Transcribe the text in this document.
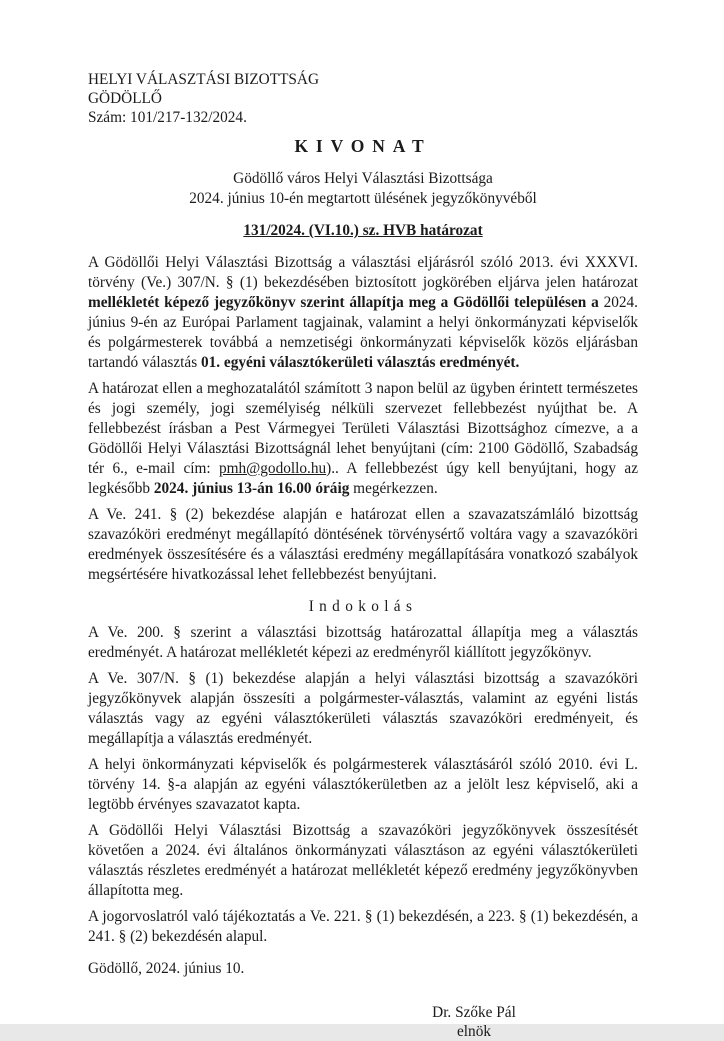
HELYI VÁLASZTÁSI BIZOTTSÁG
GÖDÖLLŐ
Szám: 101/217-132/2024.
KIVONAT
Gödöllő város Helyi Választási Bizottsága
2024. június 10-én megtartott ülésének jegyzőkönyvéből
131/2024. (VI.10.) sz. HVB határozat

A Gödöllői Helyi Választási Bizottság a választási eljárásról szóló 2013. évi XXXVI. törvény (Ve.) 307/N. § (1) bekezdésében biztosított jogkörében eljárva jelen határozat mellékletét képező jegyzőkönyv szerint állapítja meg a Gödöllői településen a 2024. június 9-én az Európai Parlament tagjainak, valamint a helyi önkormányzati képviselők és polgármesterek továbbá a nemzetiségi önkormányzati képviselők közös eljárásban tartandó választás 01. egyéni választókerületi választás eredményét.

A határozat ellen a meghozatalától számított 3 napon belül az ügyben érintett természetes és jogi személy, jogi személyiség nélküli szervezet fellebbezést nyújthat be. A fellebbezést írásban a Pest Vármegyei Területi Választási Bizottsághoz címezve, a a Gödöllői Helyi Választási Bizottságnál lehet benyújtani (cím: 2100 Gödöllő, Szabadság tér 6., e-mail cím: pmh@godollo.hu).. A fellebbezést úgy kell benyújtani, hogy az legkésőbb 2024. június 13-án 16.00 óráig megérkezzen.

A Ve. 241. § (2) bekezdése alapján e határozat ellen a szavazatszámláló bizottság szavazóköri eredményt megállapító döntésének törvénysértő voltára vagy a szavazóköri eredmények összesítésére és a választási eredmény megállapítására vonatkozó szabályok megsértésére hivatkozással lehet fellebbezést benyújtani.

Indokolás

A Ve. 200. § szerint a választási bizottság határozattal állapítja meg a választás eredményét. A határozat mellékletét képezi az eredményről kiállított jegyzőkönyv.

A Ve. 307/N. § (1) bekezdése alapján a helyi választási bizottság a szavazóköri jegyzőkönyvek alapján összesíti a polgármester-választás, valamint az egyéni listás választás vagy az egyéni választókerületi választás szavazóköri eredményeit, és megállapítja a választás eredményét.

A helyi önkormányzati képviselők és polgármesterek választásáról szóló 2010. évi L. törvény 14. §-a alapján az egyéni választókerületben az a jelölt lesz képviselő, aki a legtöbb érvényes szavazatot kapta.

A Gödöllői Helyi Választási Bizottság a szavazóköri jegyzőkönyvek összesítését követően a 2024. évi általános önkormányzati választáson az egyéni választókerületi választás részletes eredményét a határozat mellékletét képező eredmény jegyzőkönyvben állapította meg.

A jogorvoslatról való tájékoztatás a Ve. 221. § (1) bekezdésén, a 223. § (1) bekezdésén, a 241. § (2) bekezdésén alapul.

Gödöllő, 2024. június 10.
Dr. Szőke Pál
elnök
